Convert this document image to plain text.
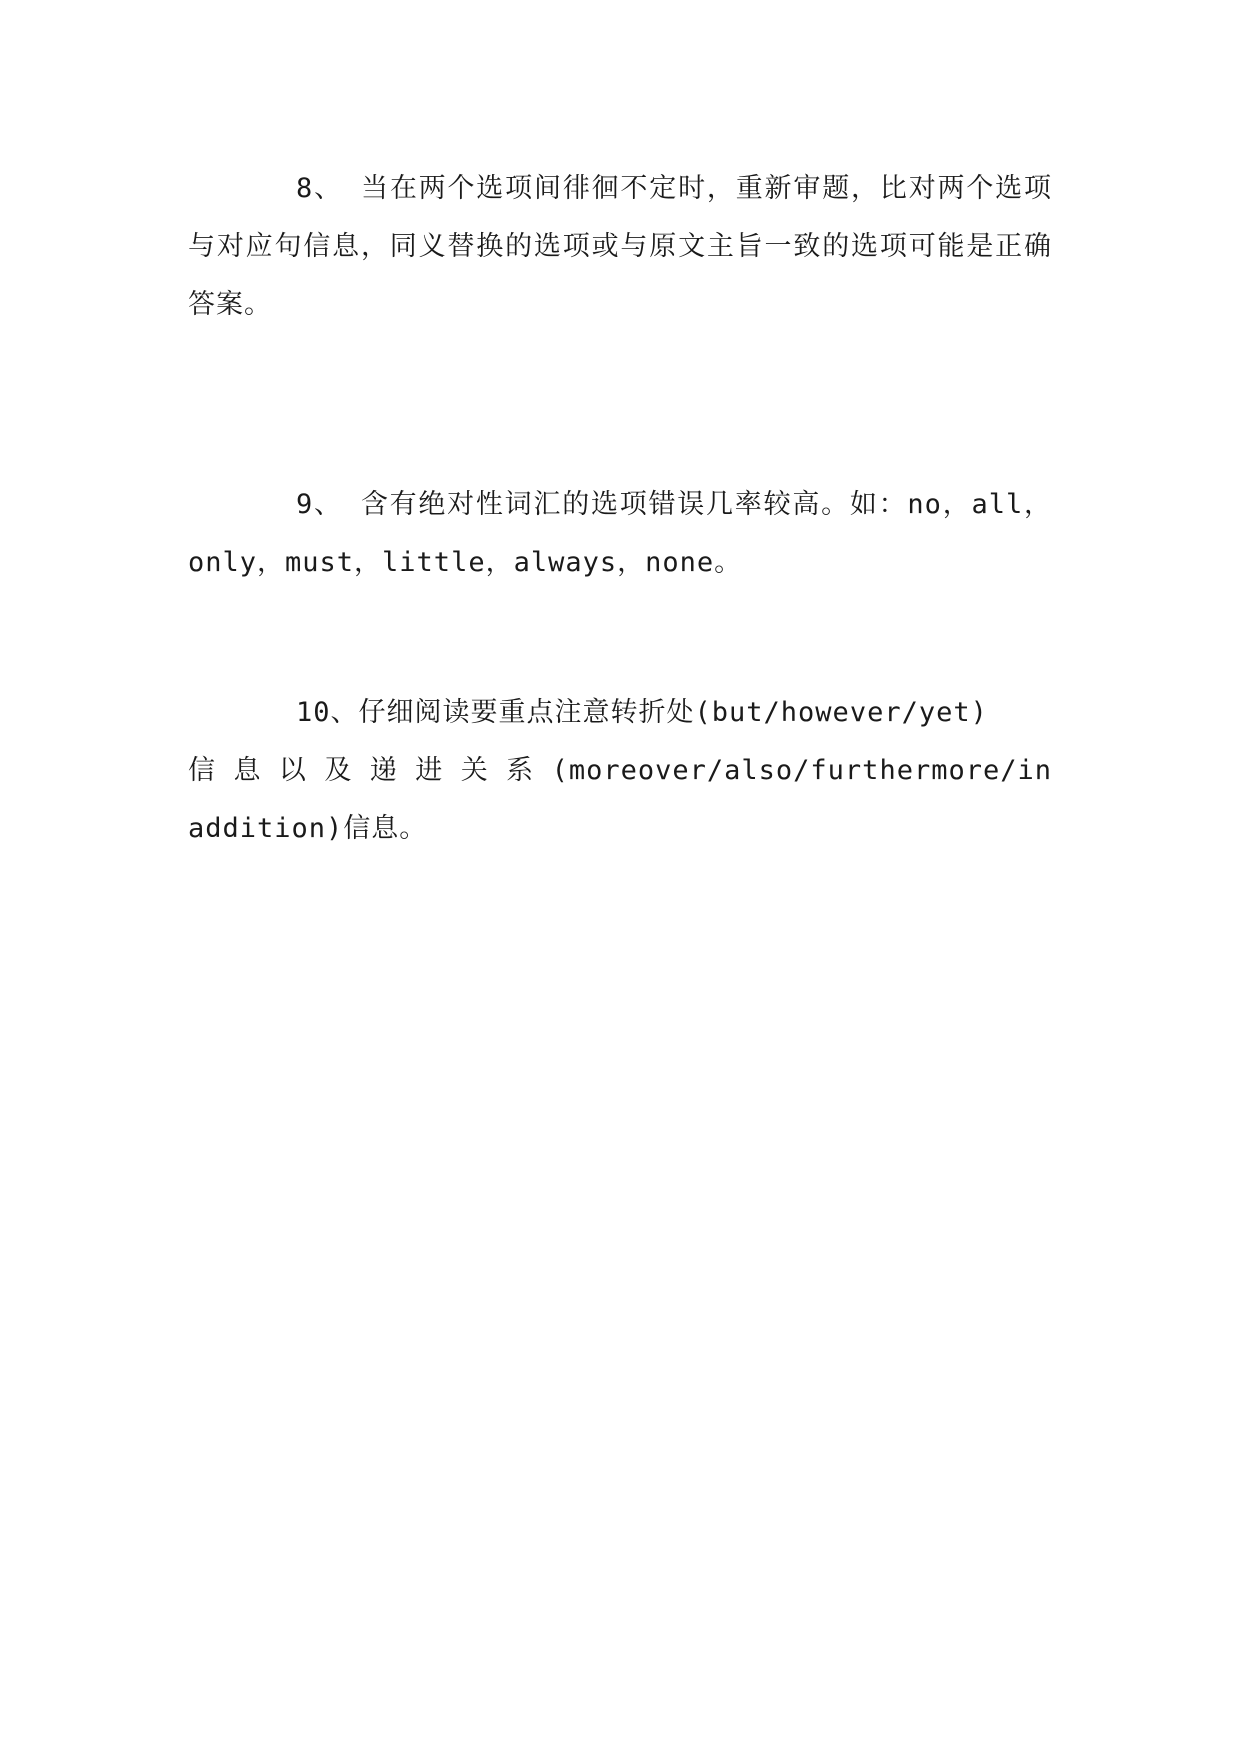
8、 当在两个选项间徘徊不定时，重新审题，比对两个选项与对应句信息，同义替换的选项或与原文主旨一致的选项可能是正确答案。
9、 含有绝对性词汇的选项错误几率较高。如：no，all，only，must，little，always，none。
10、仔细阅读要重点注意转折处(but/however/yet)
信 息 以 及 递 进 关 系 (moreover/also/furthermore/in
addition)信息。
